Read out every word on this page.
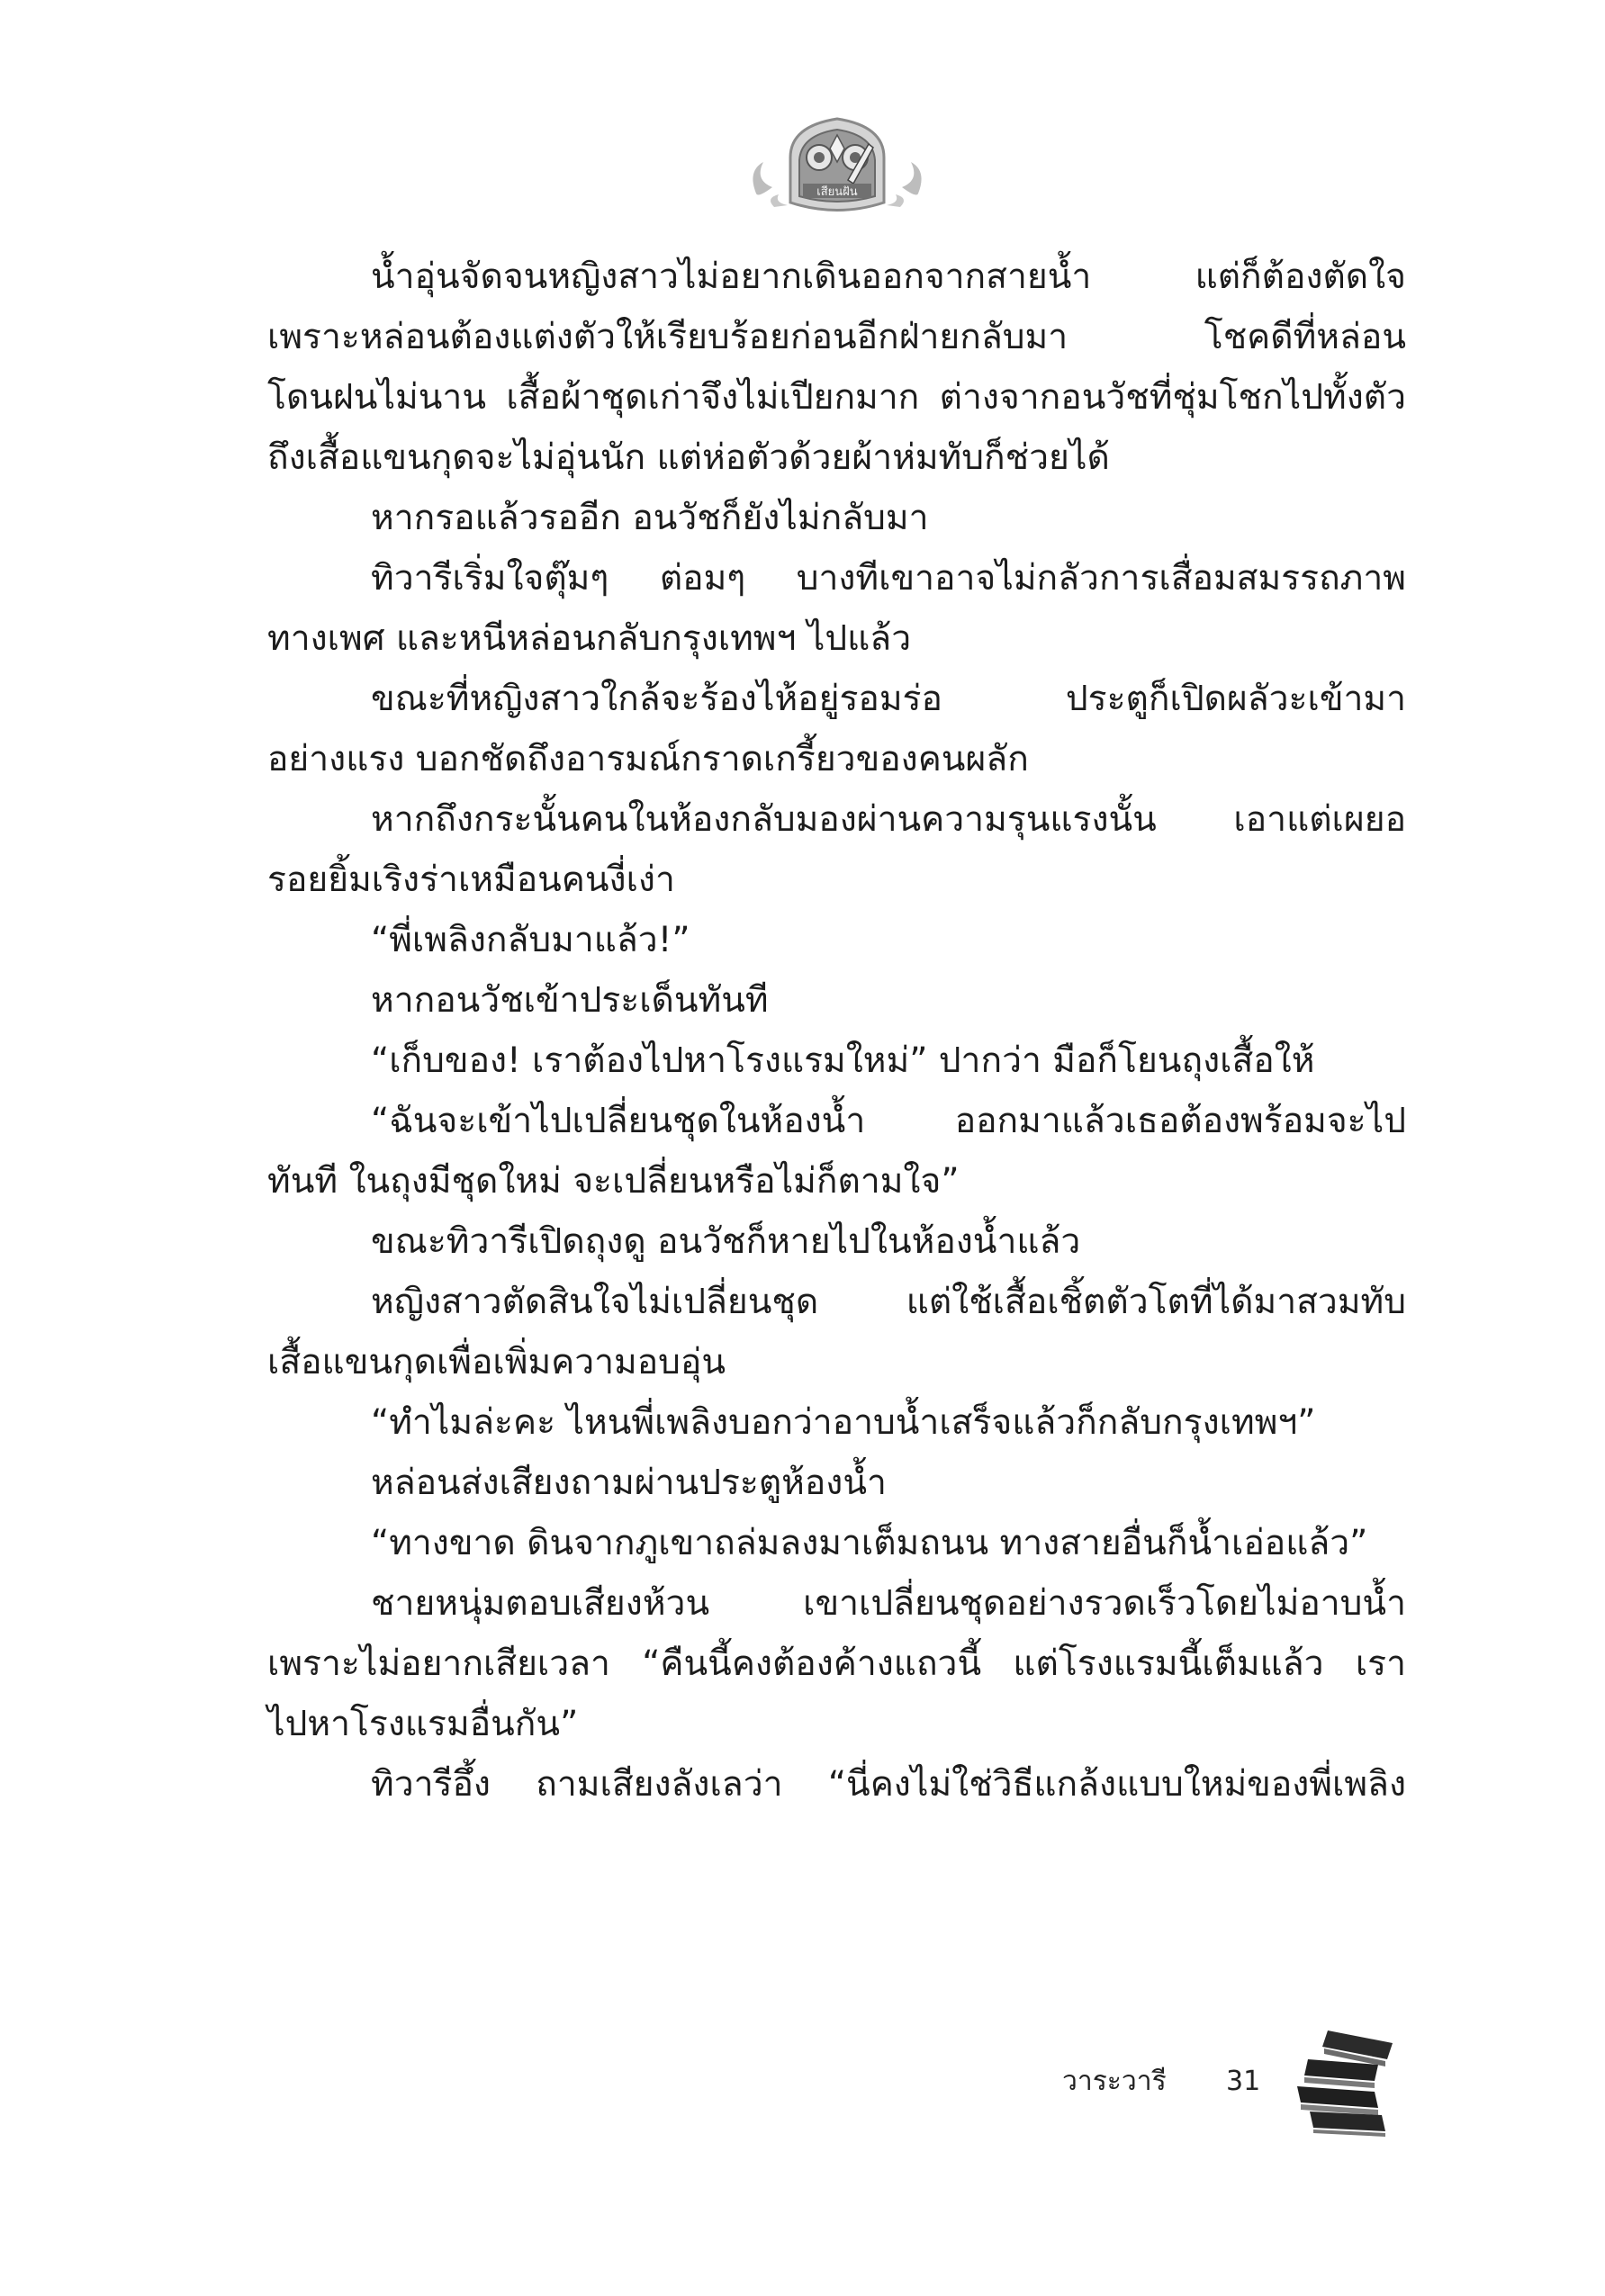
เสียนฝัน
น้ำอุ่นจัดจนหญิงสาวไม่อยากเดินออกจากสายน้ำ แต่ก็ต้องตัดใจ
เพราะหล่อนต้องแต่งตัวให้เรียบร้อยก่อนอีกฝ่ายกลับมา โชคดีที่หล่อน
โดนฝนไม่นาน เสื้อผ้าชุดเก่าจึงไม่เปียกมาก ต่างจากอนวัชที่ชุ่มโชกไปทั้งตัว
ถึงเสื้อแขนกุดจะไม่อุ่นนัก แต่ห่อตัวด้วยผ้าห่มทับก็ช่วยได้
หากรอแล้วรออีก อนวัชก็ยังไม่กลับมา
ทิวารีเริ่มใจตุ๊มๆ ต่อมๆ บางทีเขาอาจไม่กลัวการเสื่อมสมรรถภาพ
ทางเพศ และหนีหล่อนกลับกรุงเทพฯ ไปแล้ว
ขณะที่หญิงสาวใกล้จะร้องไห้อยู่รอมร่อ ประตูก็เปิดผลัวะเข้ามา
อย่างแรง บอกชัดถึงอารมณ์กราดเกรี้ยวของคนผลัก
หากถึงกระนั้นคนในห้องกลับมองผ่านความรุนแรงนั้น เอาแต่เผยอ
รอยยิ้มเริงร่าเหมือนคนงี่เง่า
“พี่เพลิงกลับมาแล้ว!”
หากอนวัชเข้าประเด็นทันที
“เก็บของ! เราต้องไปหาโรงแรมใหม่” ปากว่า มือก็โยนถุงเสื้อให้
“ฉันจะเข้าไปเปลี่ยนชุดในห้องน้ำ ออกมาแล้วเธอต้องพร้อมจะไป
ทันที ในถุงมีชุดใหม่ จะเปลี่ยนหรือไม่ก็ตามใจ”
ขณะทิวารีเปิดถุงดู อนวัชก็หายไปในห้องน้ำแล้ว
หญิงสาวตัดสินใจไม่เปลี่ยนชุด แต่ใช้เสื้อเชิ้ตตัวโตที่ได้มาสวมทับ
เสื้อแขนกุดเพื่อเพิ่มความอบอุ่น
“ทำไมล่ะคะ ไหนพี่เพลิงบอกว่าอาบน้ำเสร็จแล้วก็กลับกรุงเทพฯ”
หล่อนส่งเสียงถามผ่านประตูห้องน้ำ
“ทางขาด ดินจากภูเขาถล่มลงมาเต็มถนน ทางสายอื่นก็น้ำเอ่อแล้ว”
ชายหนุ่มตอบเสียงห้วน เขาเปลี่ยนชุดอย่างรวดเร็วโดยไม่อาบน้ำ
เพราะไม่อยากเสียเวลา “คืนนี้คงต้องค้างแถวนี้ แต่โรงแรมนี้เต็มแล้ว เรา
ไปหาโรงแรมอื่นกัน”
ทิวารีอึ้ง ถามเสียงลังเลว่า “นี่คงไม่ใช่วิธีแกล้งแบบใหม่ของพี่เพลิง
วาระวารี 31
